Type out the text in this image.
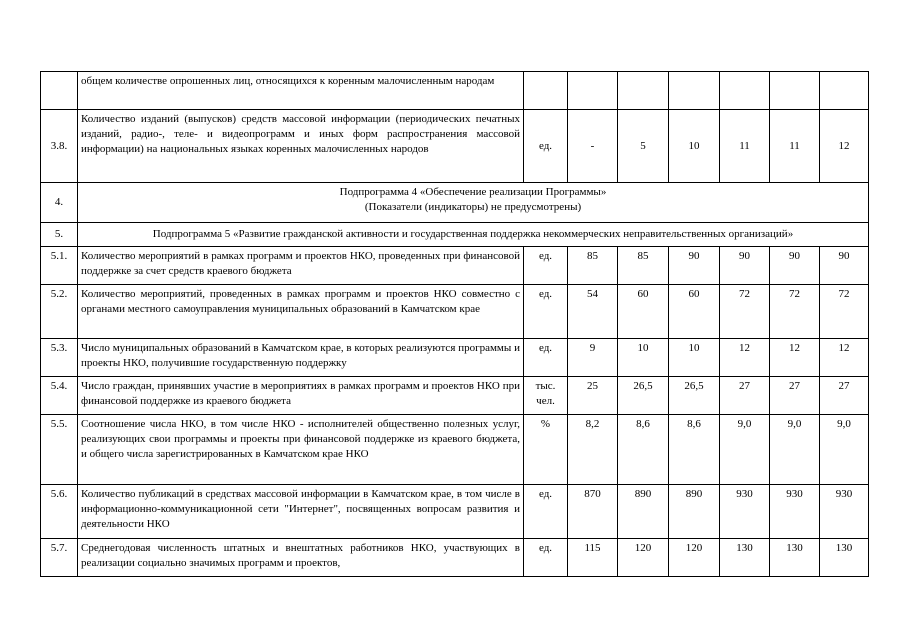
	общем количестве опрошенных лиц, относящихся к коренным малочисленным народам							
3.8.	Количество изданий (выпусков) средств массовой информации (периодических печатных изданий, радио-, теле- и видеопрограмм и иных форм распространения массовой информации) на национальных языках коренных малочисленных народов	ед.	-	5	10	11	11	12
4.	Подпрограмма 4 «Обеспечение реализации Программы»
(Показатели (индикаторы) не предусмотрены)							

5.	Подпрограмма 5 «Развитие гражданской активности и государственная поддержка некоммерческих неправительственных организаций»							
5.1.	Количество мероприятий в рамках программ и проектов НКО, проведенных при финансовой поддержке за счет средств краевого бюджета	ед.	85	85	90	90	90	90
5.2.	Количество мероприятий, проведенных в рамках программ и проектов НКО совместно с органами местного самоуправления муниципальных образований в Камчатском крае	ед.	54	60	60	72	72	72
5.3.	Число муниципальных образований в Камчатском крае, в которых реализуются программы и проекты НКО, получившие государственную поддержку	ед.	9	10	10	12	12	12
5.4.	Число граждан, принявших участие в мероприятиях в рамках программ и проектов НКО при финансовой поддержке из краевого бюджета	тыс. чел.	25	26,5	26,5	27	27	27
5.5.	Соотношение числа НКО, в том числе НКО - исполнителей общественно полезных услуг, реализующих свои программы и проекты при финансовой поддержке из краевого бюджета, и общего числа зарегистрированных в Камчатском крае НКО	%	8,2	8,6	8,6	9,0	9,0	9,0
5.6.	Количество публикаций в средствах массовой информации в Камчатском крае, в том числе в информационно-коммуникационной сети "Интернет", посвященных вопросам развития и деятельности НКО	ед.	870	890	890	930	930	930
5.7.	Среднегодовая численность штатных и внештатных работников НКО, участвующих в реализации социально значимых программ и проектов,	ед.	115	120	120	130	130	130
